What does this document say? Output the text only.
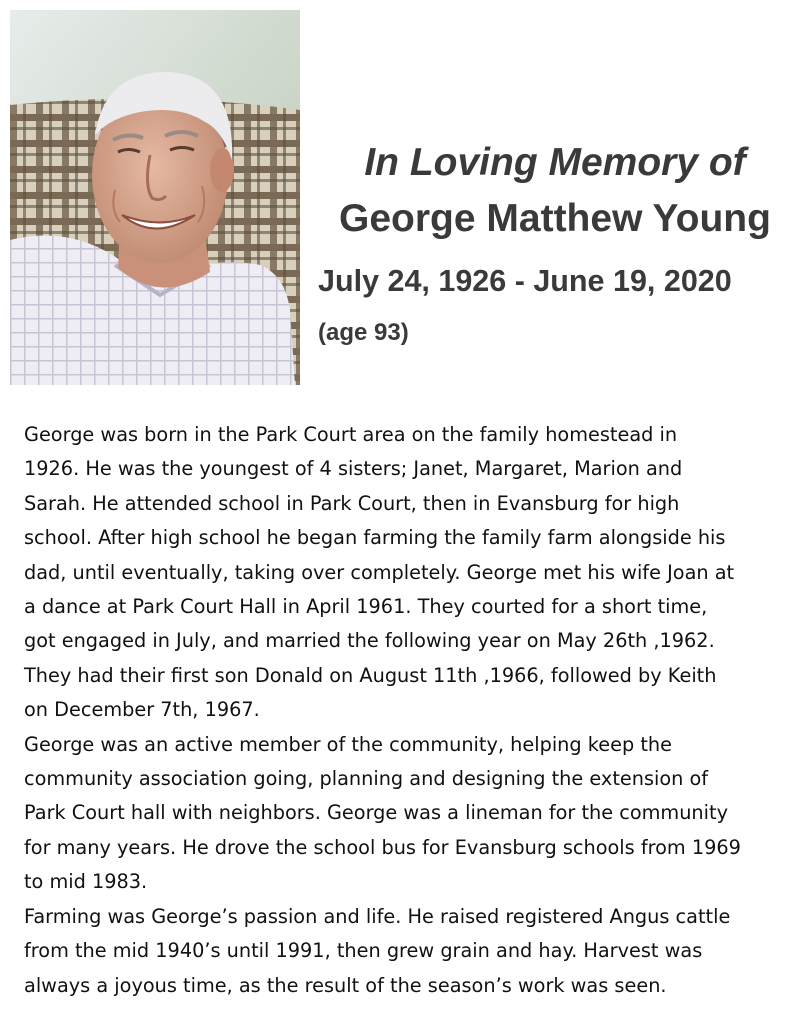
In Loving Memory of

George Matthew Young

July 24, 1926 - June 19, 2020
(age 93)
George was born in the Park Court area on the family homestead in
1926. He was the youngest of 4 sisters; Janet, Margaret, Marion and
Sarah. He attended school in Park Court, then in Evansburg for high
school. After high school he began farming the family farm alongside his
dad, until eventually, taking over completely. George met his wife Joan at
a dance at Park Court Hall in April 1961. They courted for a short time,
got engaged in July, and married the following year on May 26th ,1962.
They had their first son Donald on August 11th ,1966, followed by Keith
on December 7th, 1967.
George was an active member of the community, helping keep the
community association going, planning and designing the extension of
Park Court hall with neighbors. George was a lineman for the community
for many years. He drove the school bus for Evansburg schools from 1969
to mid 1983.
Farming was George’s passion and life. He raised registered Angus cattle
from the mid 1940’s until 1991, then grew grain and hay. Harvest was
always a joyous time, as the result of the season’s work was seen.
